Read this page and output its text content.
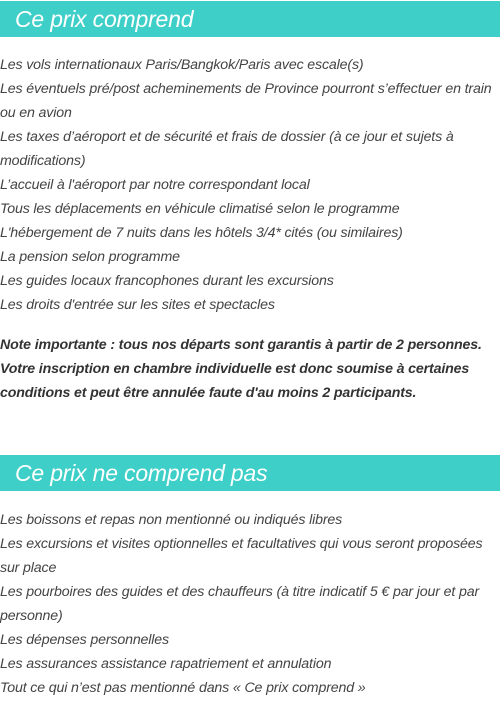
Ce prix comprend
Les vols internationaux Paris/Bangkok/Paris avec escale(s)
Les éventuels pré/post acheminements de Province pourront s’effectuer en train ou en avion
Les taxes d’aéroport et de sécurité et frais de dossier (à ce jour et sujets à modifications)
L’accueil à l'aéroport par notre correspondant local
Tous les déplacements en véhicule climatisé selon le programme
L'hébergement de 7 nuits dans les hôtels 3/4* cités (ou similaires)
La pension selon programme
Les guides locaux francophones durant les excursions
Les droits d'entrée sur les sites et spectacles

Note importante : tous nos départs sont garantis à partir de 2 personnes. Votre inscription en chambre individuelle est donc soumise à certaines conditions et peut être annulée faute d'au moins 2 participants.

Ce prix ne comprend pas
Les boissons et repas non mentionné ou indiqués libres
Les excursions et visites optionnelles et facultatives qui vous seront proposées sur place
Les pourboires des guides et des chauffeurs (à titre indicatif 5 € par jour et par personne)
Les dépenses personnelles
Les assurances assistance rapatriement et annulation
Tout ce qui n’est pas mentionné dans « Ce prix comprend »
